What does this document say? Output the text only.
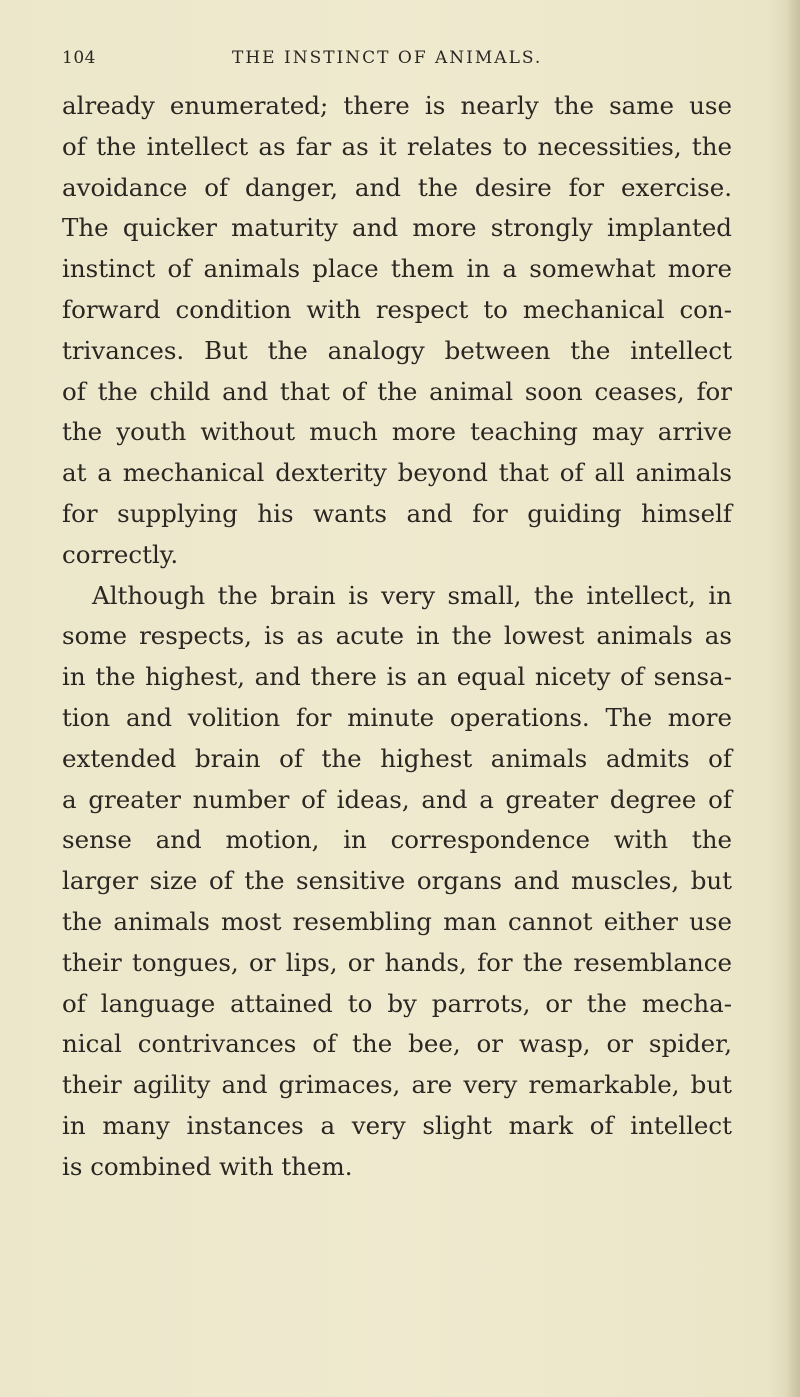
104	THE INSTINCT OF ANIMALS.
already enumerated; there is nearly the same use
of the intellect as far as it relates to necessities, the
avoidance of danger, and the desire for exercise.
The quicker maturity and more strongly implanted
instinct of animals place them in a somewhat more
forward condition with respect to mechanical con-
trivances. But the analogy between the intellect
of the child and that of the animal soon ceases, for
the youth without much more teaching may arrive
at a mechanical dexterity beyond that of all animals
for supplying his wants and for guiding himself
correctly.
Although the brain is very small, the intellect, in
some respects, is as acute in the lowest animals as
in the highest, and there is an equal nicety of sensa-
tion and volition for minute operations. The more
extended brain of the highest animals admits of
a greater number of ideas, and a greater degree of
sense and motion, in correspondence with the
larger size of the sensitive organs and muscles, but
the animals most resembling man cannot either use
their tongues, or lips, or hands, for the resemblance
of language attained to by parrots, or the mecha-
nical contrivances of the bee, or wasp, or spider,
their agility and grimaces, are very remarkable, but
in many instances a very slight mark of intellect
is combined with them.
